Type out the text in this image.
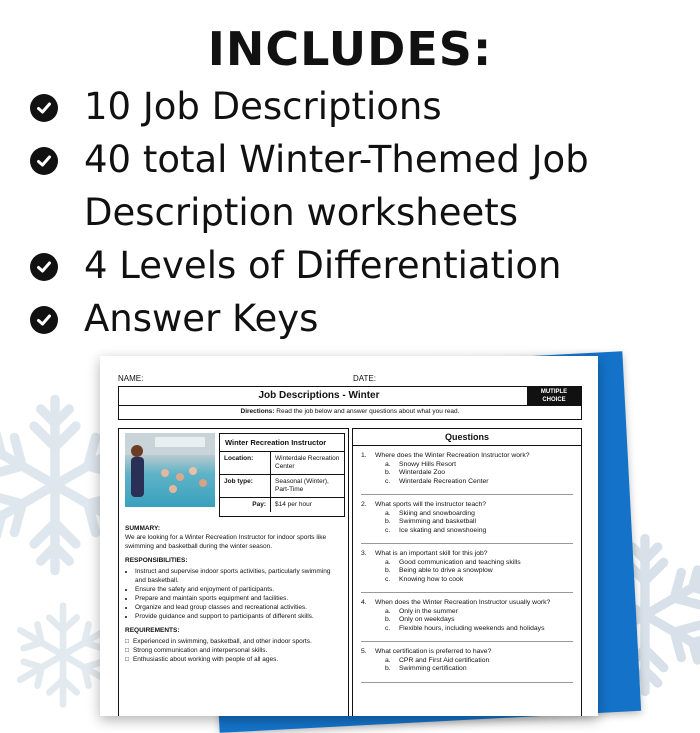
INCLUDES:
10 Job Descriptions
40 total Winter-Themed Job Description worksheets
4 Levels of Differentiation
Answer Keys
NAME:	DATE:
Job Descriptions - Winter	MUTIPLE
CHOICE
Directions: Read the job below and answer questions about what you read.
Winter Recreation Instructor
Location:	Winterdale Recreation Center
Job type:	Seasonal (Winter), Part-Time
Pay:	$14 per hour
SUMMARY:
We are looking for a Winter Recreation Instructor for indoor sports like swimming and basketball during the winter season.
RESPONSIBILITIES:
• Instruct and supervise indoor sports activities, particularly swimming and basketball.
• Ensure the safety and enjoyment of participants.
• Prepare and maintain sports equipment and facilities.
• Organize and lead group classes and recreational activities.
• Provide guidance and support to participants of different skills.
REQUIREMENTS:
□ Experienced in swimming, basketball, and other indoor sports.
□ Strong communication and interpersonal skills.
□ Enthusiastic about working with people of all ages.
Questions
1.	Where does the Winter Recreation Instructor work?
a.	Snowy Hills Resort
b.	Winterdale Zoo
c.	Winterdale Recreation Center
2.	What sports will the instructor teach?
a.	Skiing and snowboarding
b.	Swimming and basketball
c.	Ice skating and snowshoeing
3.	What is an important skill for this job?
a.	Good communication and teaching skills
b.	Being able to drive a snowplow
c.	Knowing how to cook
4.	When does the Winter Recreation Instructor usually work?
a.	Only in the summer
b.	Only on weekdays
c.	Flexible hours, including weekends and holidays
5.	What certification is preferred to have?
a.	CPR and First Aid certification
b.	Swimming certification
